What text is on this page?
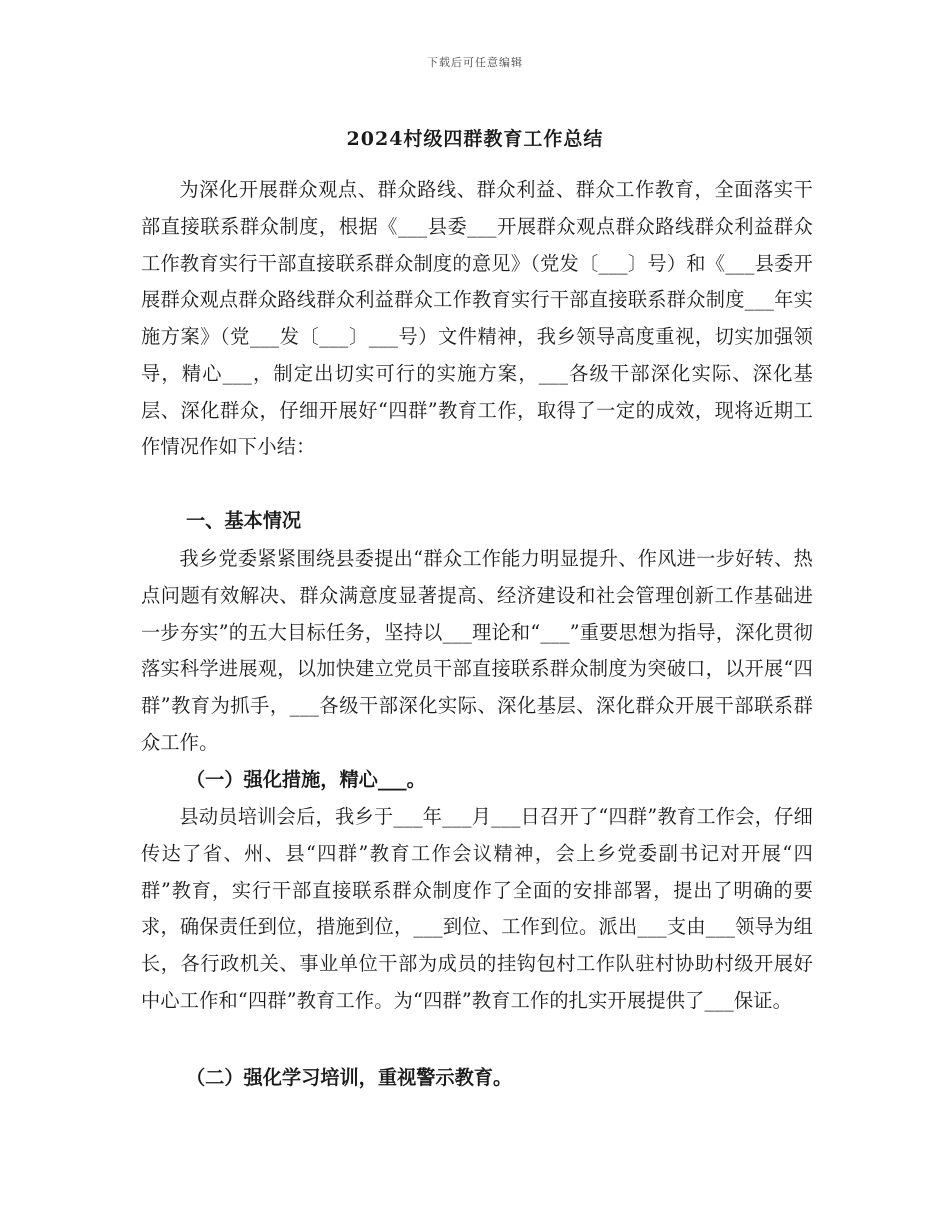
下载后可任意编辑
2024村级四群教育工作总结

为深化开展群众观点、群众路线、群众利益、群众工作教育，全面落实干部直接联系群众制度，根据《___县委___开展群众观点群众路线群众利益群众工作教育实行干部直接联系群众制度的意见》（党发〔___〕号）和《___县委开展群众观点群众路线群众利益群众工作教育实行干部直接联系群众制度___年实施方案》（党___发〔___〕___号）文件精神，我乡领导高度重视，切实加强领导，精心___，制定出切实可行的实施方案，___各级干部深化实际、深化基层、深化群众，仔细开展好“四群”教育工作，取得了一定的成效，现将近期工作情况作如下小结：

一、基本情况

我乡党委紧紧围绕县委提出“群众工作能力明显提升、作风进一步好转、热点问题有效解决、群众满意度显著提高、经济建设和社会管理创新工作基础进一步夯实”的五大目标任务，坚持以___理论和“___”重要思想为指导，深化贯彻落实科学进展观，以加快建立党员干部直接联系群众制度为突破口，以开展“四群”教育为抓手，___各级干部深化实际、深化基层、深化群众开展干部联系群众工作。

（一）强化措施，精心___。

县动员培训会后，我乡于___年___月___日召开了“四群”教育工作会，仔细传达了省、州、县“四群”教育工作会议精神，会上乡党委副书记对开展“四群”教育，实行干部直接联系群众制度作了全面的安排部署，提出了明确的要求，确保责任到位，措施到位，___到位、工作到位。派出___支由___领导为组长，各行政机关、事业单位干部为成员的挂钩包村工作队驻村协助村级开展好中心工作和“四群”教育工作。为“四群”教育工作的扎实开展提供了___保证。

（二）强化学习培训，重视警示教育。
